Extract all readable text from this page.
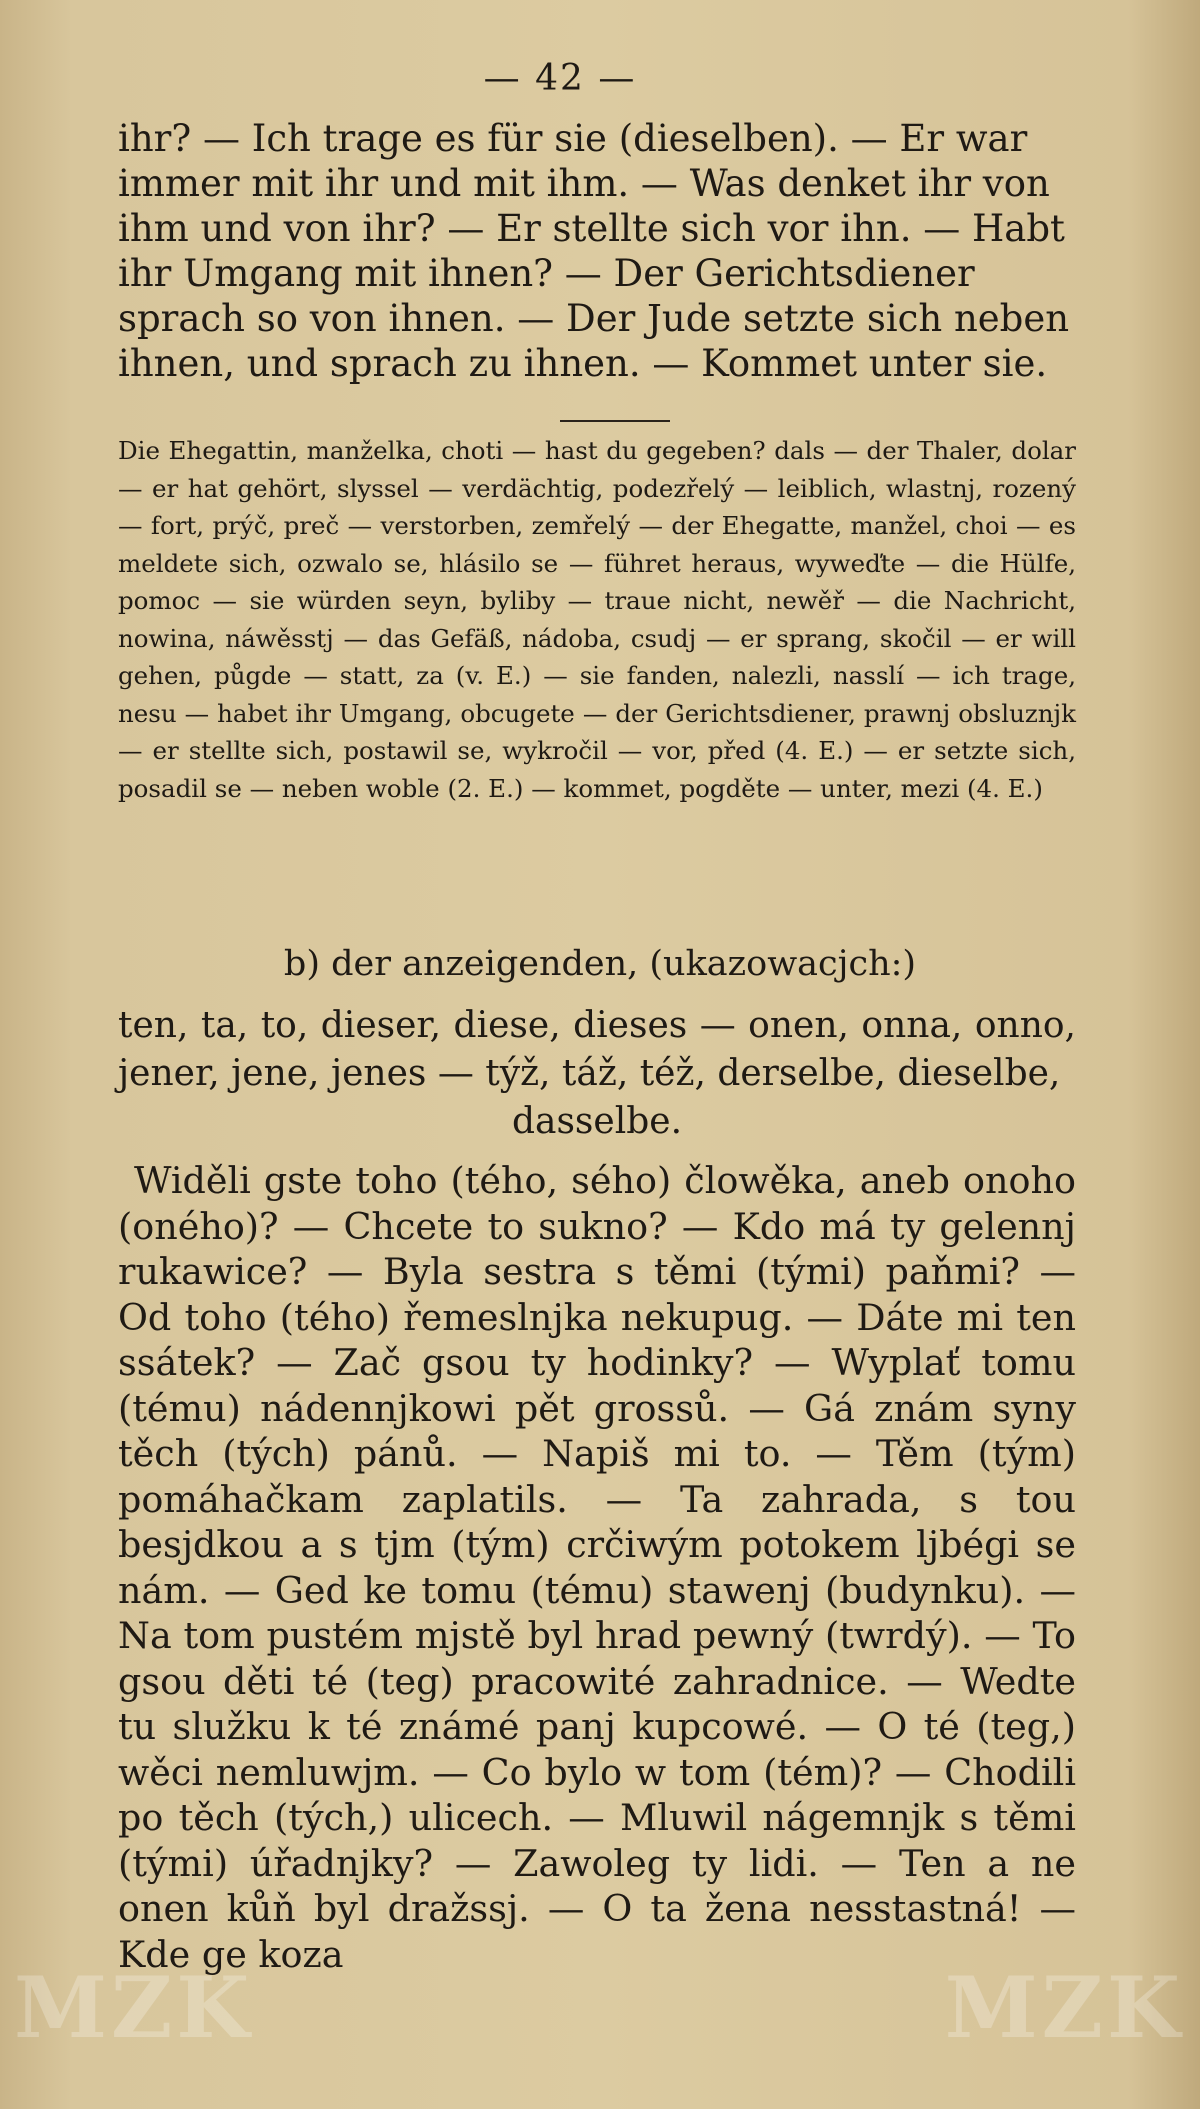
— 42 —
ihr? — Ich trage es für sie (dieselben). — Er war immer mit ihr und mit ihm. — Was denket ihr von ihm und von ihr? — Er stellte sich vor ihn. — Habt ihr Umgang mit ihnen? — Der Gerichtsdiener sprach so von ihnen. — Der Jude setzte sich neben ihnen, und sprach zu ihnen. — Kommet unter sie.
Die Ehegattin, manželka, choti — hast du gegeben? dals — der Thaler, dolar — er hat gehört, slyssel — verdächtig, podezřelý — leiblich, wlastnj, rozený — fort, prýč, preč — verstorben, zemřelý — der Ehegatte, manžel, choi — es meldete sich, ozwalo se, hlásilo se — führet heraus, wyweďte — die Hülfe, pomoc — sie würden seyn, byliby — traue nicht, newěř — die Nachricht, nowina, náwěsstj — das Gefäß, nádoba, csudj — er sprang, skočil — er will gehen, půgde — statt, za (v. E.) — sie fanden, nalezli, nasslí — ich trage, nesu — habet ihr Umgang, obcugete — der Gerichtsdiener, prawnj obsluznjk — er stellte sich, postawil se, wykročil — vor, před (4. E.) — er setzte sich, posadil se — neben woble (2. E.) — kommet, pogděte — unter, mezi (4. E.)
b) der anzeigenden, (ukazowacjch:)
ten, ta, to, dieser, diese, dieses — onen, onna, onno, jener, jene, jenes — týž, táž, též, derselbe, dieselbe,
dasselbe.
Widěli gste toho (tého, sého) člowěka, aneb onoho (oného)? — Chcete to sukno? — Kdo má ty gelennj rukawice? — Byla sestra s těmi (tými) paňmi? — Od toho (tého) řemeslnjka nekupug. — Dáte mi ten ssátek? — Zač gsou ty hodinky? — Wyplať tomu (tému) nádennjkowi pět grossů. — Gá znám syny těch (tých) pánů. — Napiš mi to. — Těm (tým) pomáhačkam zaplatils. — Ta zahrada, s tou besjdkou a s tjm (tým) crčiwým potokem ljbégi se nám. — Ged ke tomu (tému) stawenj (budynku). — Na tom pustém mjstě byl hrad pewný (twrdý). — To gsou děti té (teg) pracowité zahradnice. — Wedte tu služku k té známé panj kupcowé. — O té (teg,) wěci nemluwjm. — Co bylo w tom (tém)? — Chodili po těch (tých,) ulicech. — Mluwil nágemnjk s těmi (tými) úřadnjky? — Zawoleg ty lidi. — Ten a ne onen kůň byl dražssj. — O ta žena nesstastná! — Kde ge koza
MZK	MZK
